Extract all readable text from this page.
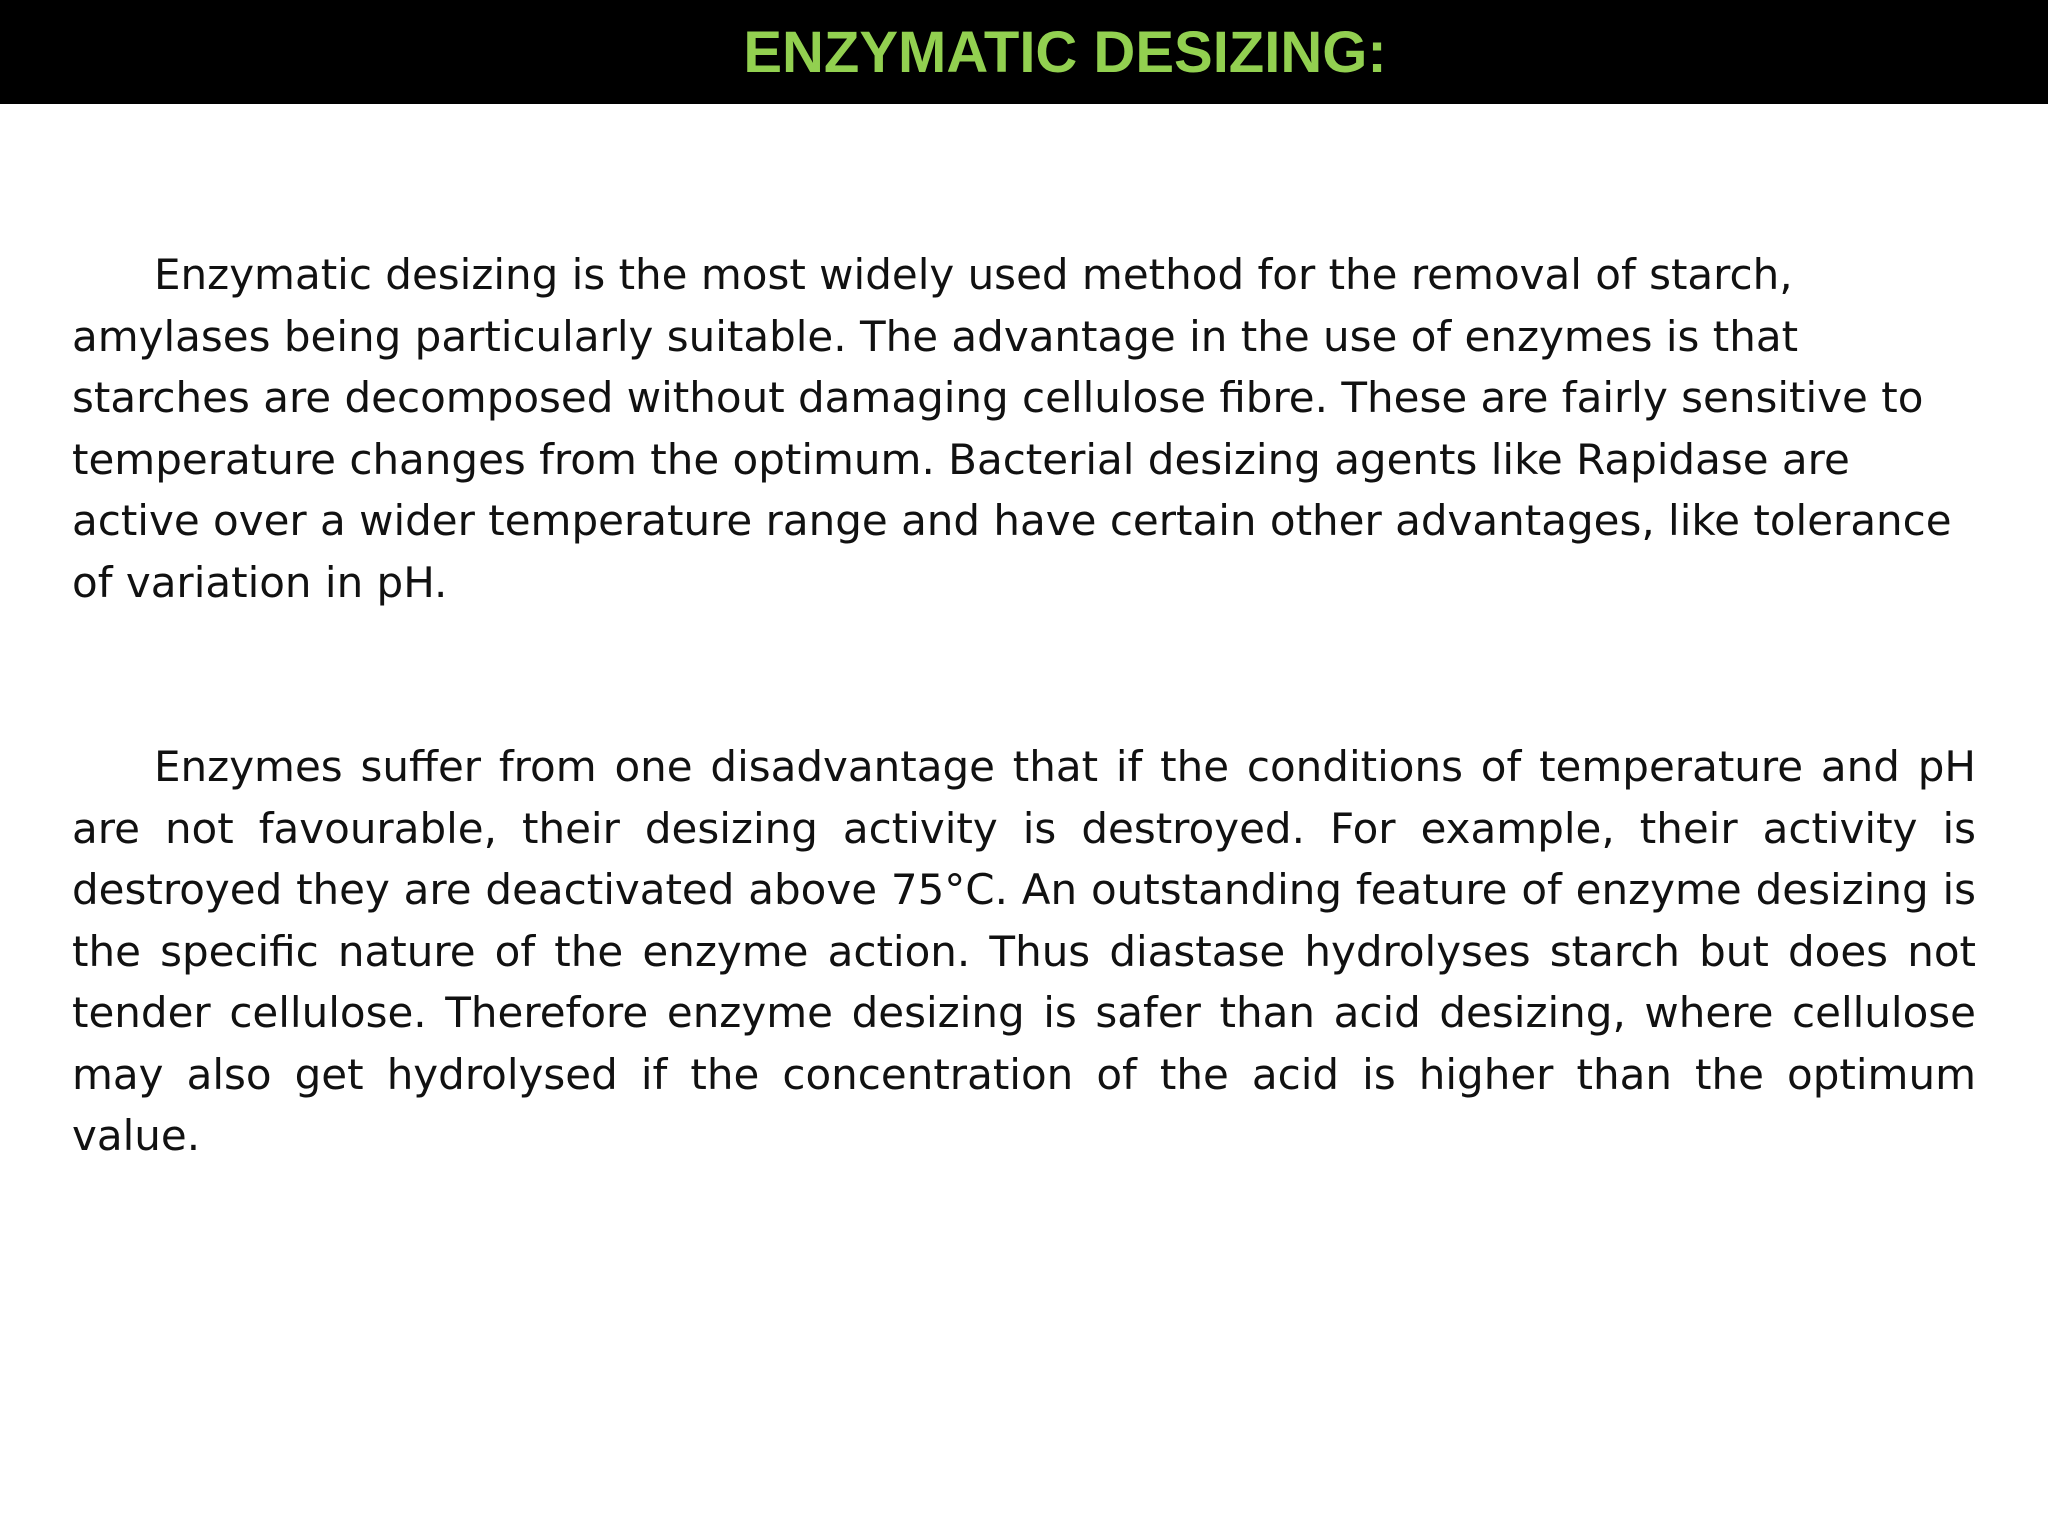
ENZYMATIC DESIZING:

Enzymatic desizing is the most widely used method for the removal of starch, amylases being particularly suitable. The advantage in the use of enzymes is that starches are decomposed without damaging cellulose fibre. These are fairly sensitive to temperature changes from the optimum. Bacterial desizing agents like Rapidase are active over a wider temperature range and have certain other advantages, like tolerance of variation in pH.

Enzymes suffer from one disadvantage that if the conditions of temperature and pH are not favourable, their desizing activity is destroyed. For example, their activity is destroyed they are deactivated above 75°C. An outstanding feature of enzyme desizing is the specific nature of the enzyme action. Thus diastase hydrolyses starch but does not tender cellulose. Therefore enzyme desizing is safer than acid desizing, where cellulose may also get hydrolysed if the concentration of the acid is higher than the optimum value.
